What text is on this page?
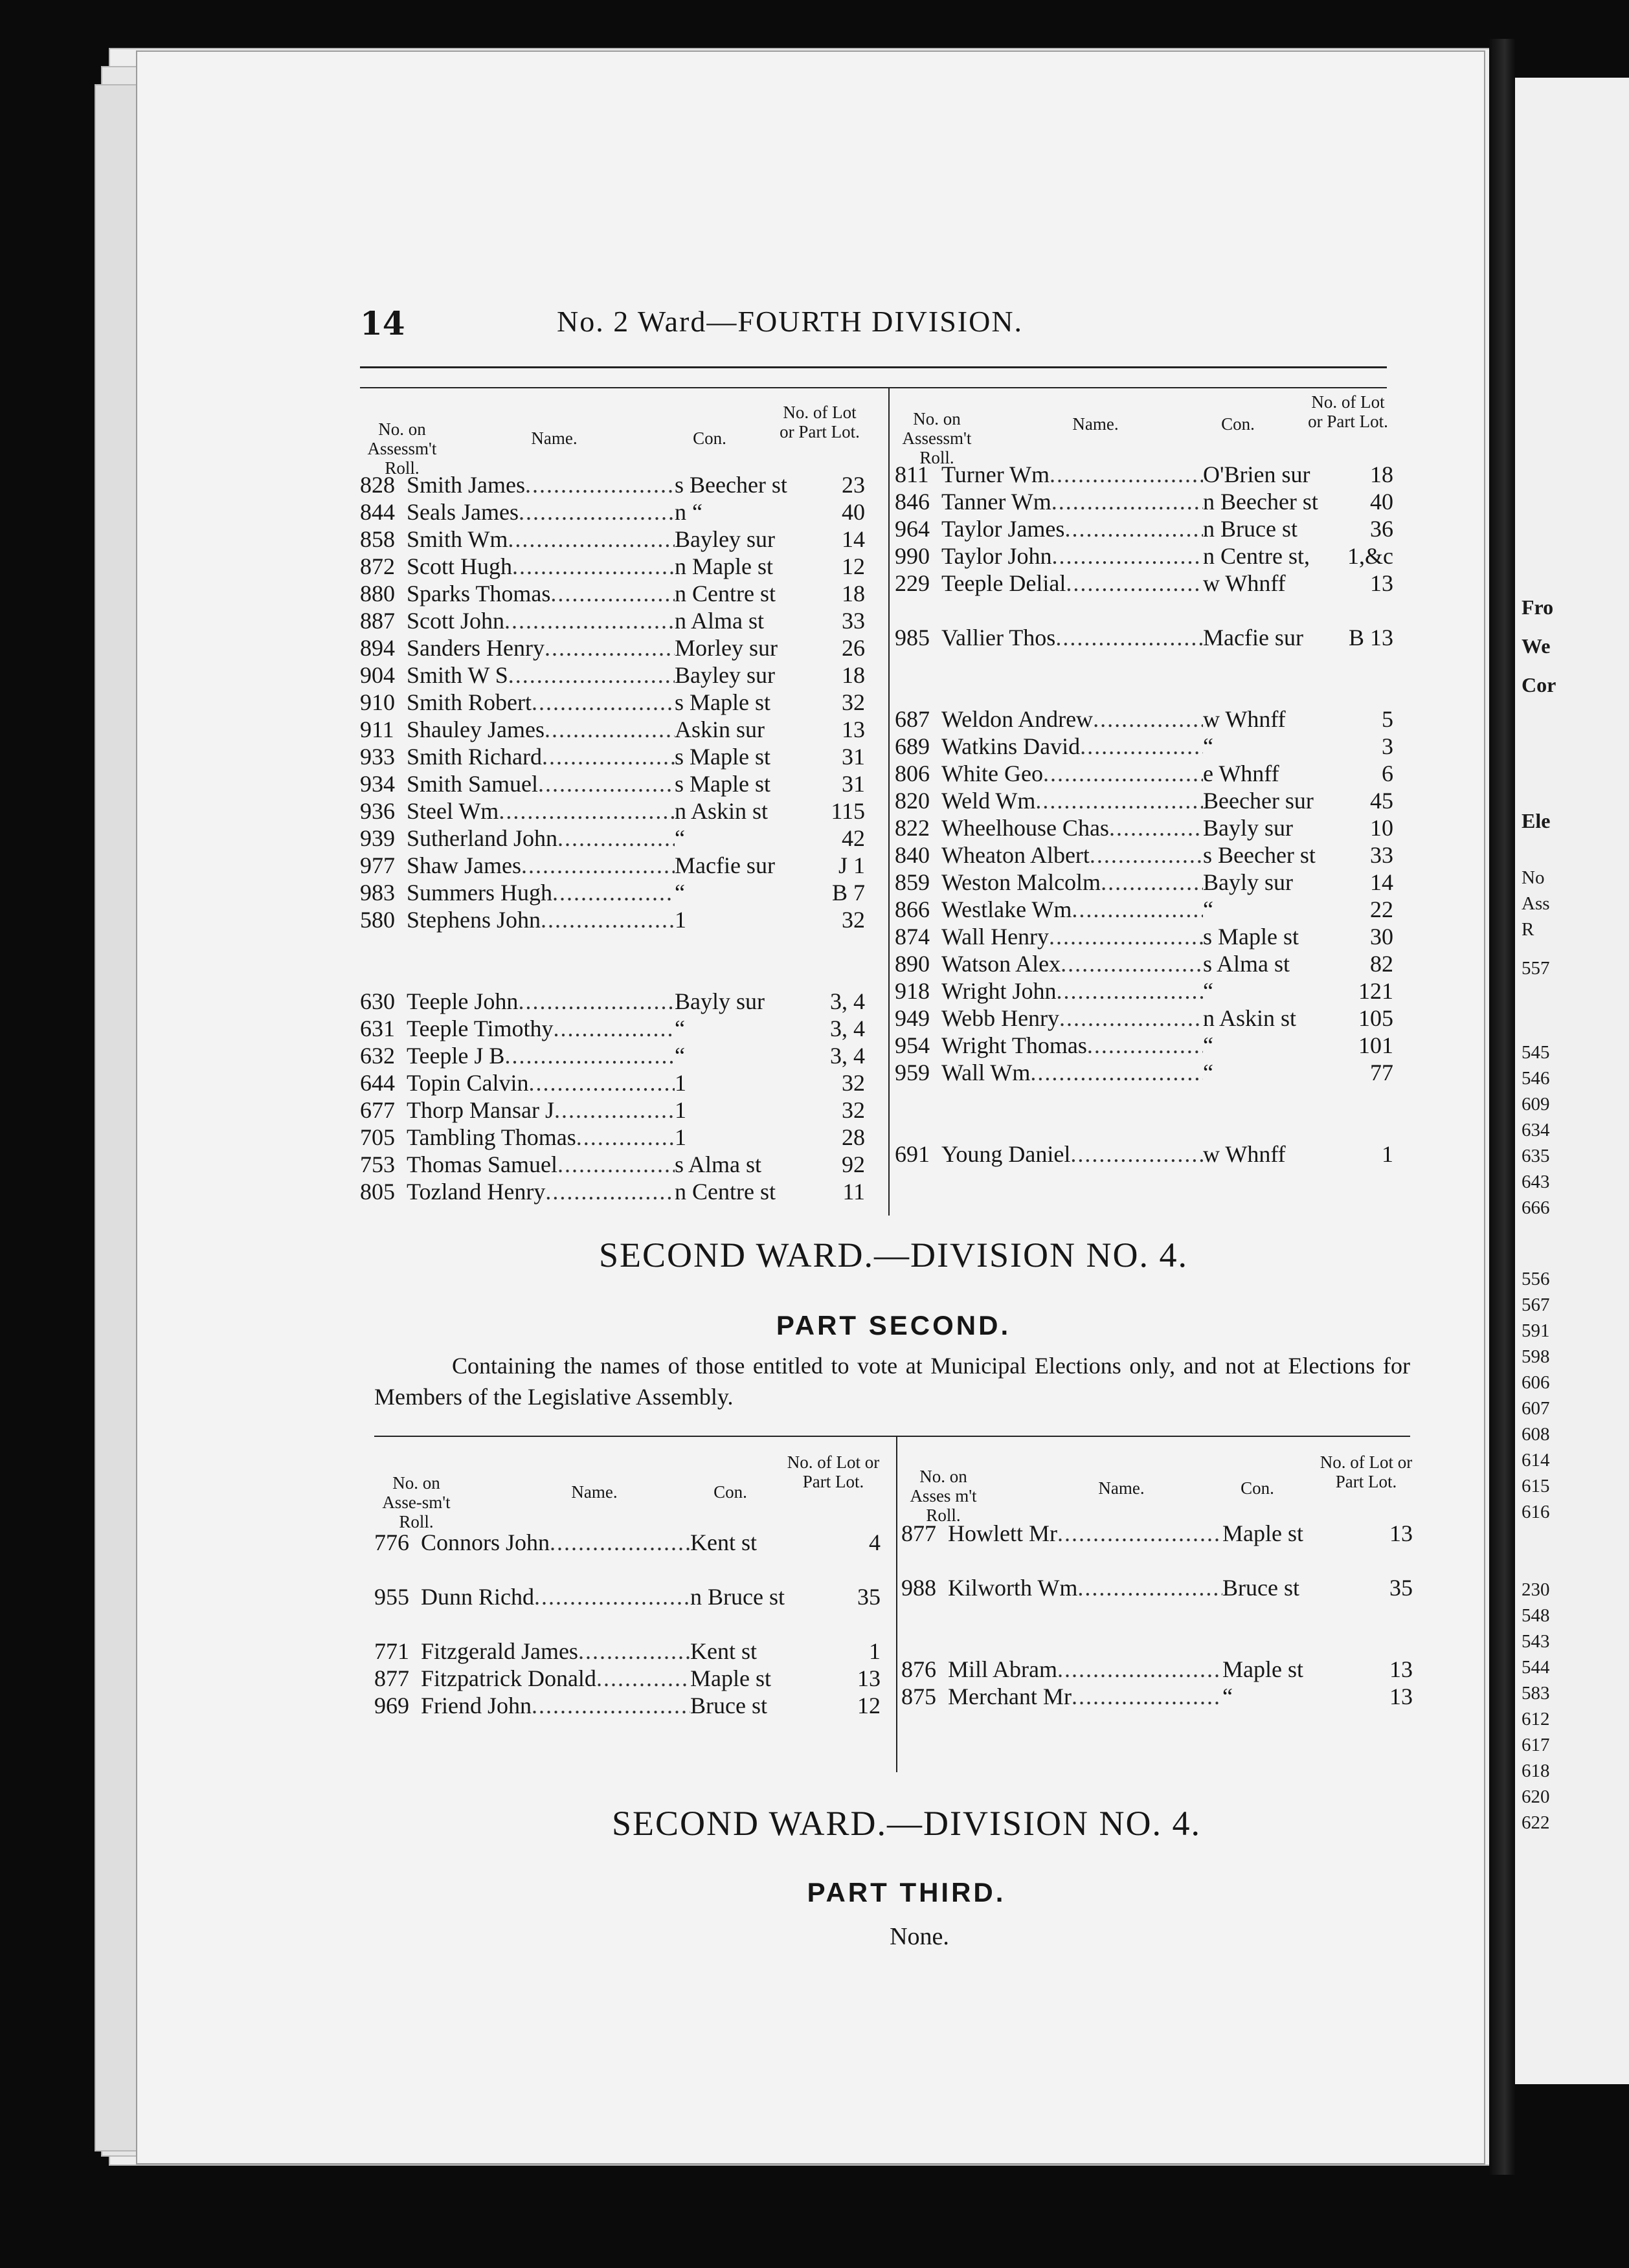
Fro
We
Cor
Ele
No
Ass
R
557
545
546
609
634
635
643
666
556
567
591
598
606
607
608
614
615
616
230
548
543
544
583
612
617
618
620
622
14	No. 2 Ward—FOURTH DIVISION.
No. on Assessm't Roll.
Name.	Con.
No. of Lot or Part Lot.
828 Smith James .....	s Beecher st	23
844 Seals James .....	n “	40
858 Smith Wm .....	Bayley sur	14
872 Scott Hugh .....	n Maple st	12
880 Sparks Thomas .....	n Centre st	18
887 Scott John .....	n Alma st	33
894 Sanders Henry .....	Morley sur	26
904 Smith W S .....	Bayley sur	18
910 Smith Robert .....	s Maple st	32
911 Shauley James .....	Askin sur	13
933 Smith Richard .....	s Maple st	31
934 Smith Samuel .....	s Maple st	31
936 Steel Wm .....	n Askin st	115
939 Sutherland John .....	“	42
977 Shaw James .....	Macfie sur	J 1
983 Summers Hugh .....	“	B 7
580 Stephens John .....	1	32
630 Teeple John .....	Bayly sur	3, 4
631 Teeple Timothy .....	“	3, 4
632 Teeple J B .....	“	3, 4
644 Topin Calvin .....	1	32
677 Thorp Mansar J .....	1	32
705 Tambling Thomas .....	1	28
753 Thomas Samuel .....	s Alma st	92
805 Tozland Henry .....	n Centre st	11
No. on Assessm't Roll.
Name.	Con.
No. of Lot or Part Lot.
811 Turner Wm .....	O'Brien sur	18
846 Tanner Wm .....	n Beecher st	40
964 Taylor James .....	n Bruce st	36
990 Taylor John .....	n Centre st,	1,&c
229 Teeple Delial .....	w Whnff	13
985 Vallier Thos .....	Macfie sur	B 13
687 Weldon Andrew .....	w Whnff	5
689 Watkins David .....	“	3
806 White Geo .....	e Whnff	6
820 Weld Wm .....	Beecher sur	45
822 Wheelhouse Chas .....	Bayly sur	10
840 Wheaton Albert .....	s Beecher st	33
859 Weston Malcolm .....	Bayly sur	14
866 Westlake Wm .....	“	22
874 Wall Henry .....	s Maple st	30
890 Watson Alex .....	s Alma st	82
918 Wright John .....	“	121
949 Webb Henry .....	n Askin st	105
954 Wright Thomas .....	“	101
959 Wall Wm .....	“	77
691 Young Daniel .....	w Whnff	1
SECOND WARD.—DIVISION NO. 4.
PART SECOND.
Containing the names of those entitled to vote at Municipal Elections only, and not at Elections for Members of the Legislative Assembly.
No. on Asse-sm't Roll.
Name.	Con.
No. of Lot or Part Lot.
776 Connors John .....	Kent st	4
955 Dunn Richd .....	n Bruce st	35
771 Fitzgerald James .....	Kent st	1
877 Fitzpatrick Donald .....	Maple st	13
969 Friend John .....	Bruce st	12
No. on Asses m't Roll.
Name.	Con.
No. of Lot or Part Lot.
877 Howlett Mr .....	Maple st	13
988 Kilworth Wm .....	Bruce st	35
876 Mill Abram .....	Maple st	13
875 Merchant Mr .....	“	13
SECOND WARD.—DIVISION NO. 4.
PART THIRD.
None.
